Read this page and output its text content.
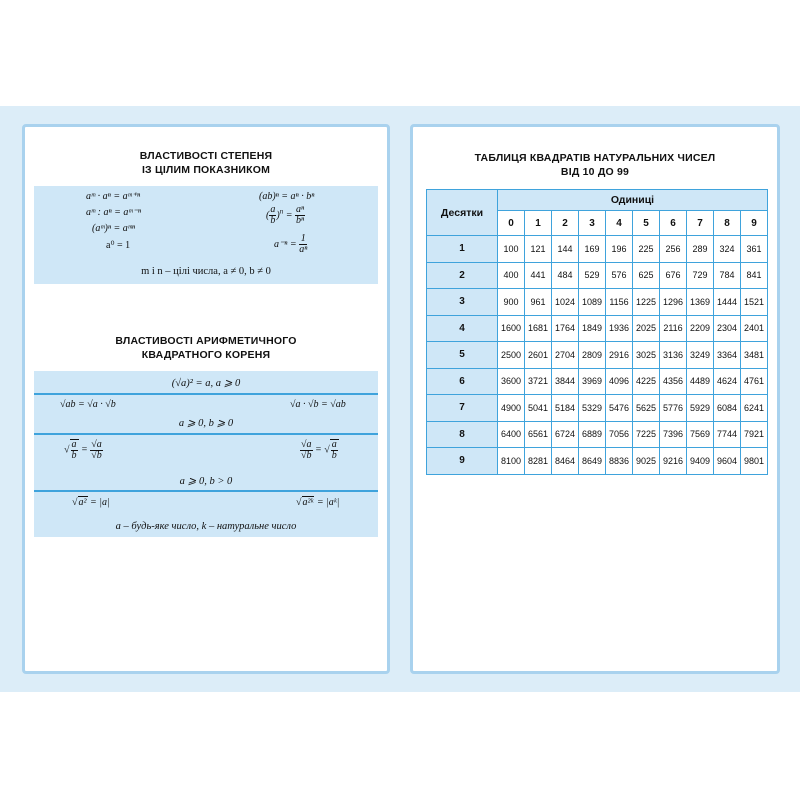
ВЛАСТИВОСТІ СТЕПЕНЯ
ІЗ ЦІЛИМ ПОКАЗНИКОМ
aᵐ · aⁿ = aᵐ⁺ⁿ
aᵐ : aⁿ = aᵐ⁻ⁿ
(aᵐ)ⁿ = aᵐⁿ
a⁰ = 1
(ab)ⁿ = aⁿ · bⁿ
( $\frac{a}{b} )^n = \frac{\text{aⁿ}}{\text{bⁿ}}$
$a^{-n} = \frac{1}{\text{aⁿ}}$
m і n – цілі числа, a ≠ 0, b ≠ 0
ВЛАСТИВОСТІ АРИФМЕТИЧНОГО
КВАДРАТНОГО КОРЕНЯ
(√a)² = a, a ⩾ 0
√ab = √a · √b	√a · √b = √ab
a ⩾ 0, b ⩾ 0
√ $\frac{a}{b} = \frac{√a}{√b}$	$\frac{√a}{√b}$ = √ $\frac{a}{b}$
a ⩾ 0, b > 0
√a² = |a|	√a²ᵏ = |aᵏ|
a – будь-яке число, k – натуральне число
ТАБЛИЦЯ КВАДРАТІВ НАТУРАЛЬНИХ ЧИСЕЛ
ВІД 10 ДО 99
Десятки	Одиниці									
	0	1	2	3	4	5	6	7	8	9
1	100	121	144	169	196	225	256	289	324	361
2	400	441	484	529	576	625	676	729	784	841
3	900	961	1024	1089	1156	1225	1296	1369	1444	1521
4	1600	1681	1764	1849	1936	2025	2116	2209	2304	2401
5	2500	2601	2704	2809	2916	3025	3136	3249	3364	3481
6	3600	3721	3844	3969	4096	4225	4356	4489	4624	4761
7	4900	5041	5184	5329	5476	5625	5776	5929	6084	6241
8	6400	6561	6724	6889	7056	7225	7396	7569	7744	7921
9	8100	8281	8464	8649	8836	9025	9216	9409	9604	9801
